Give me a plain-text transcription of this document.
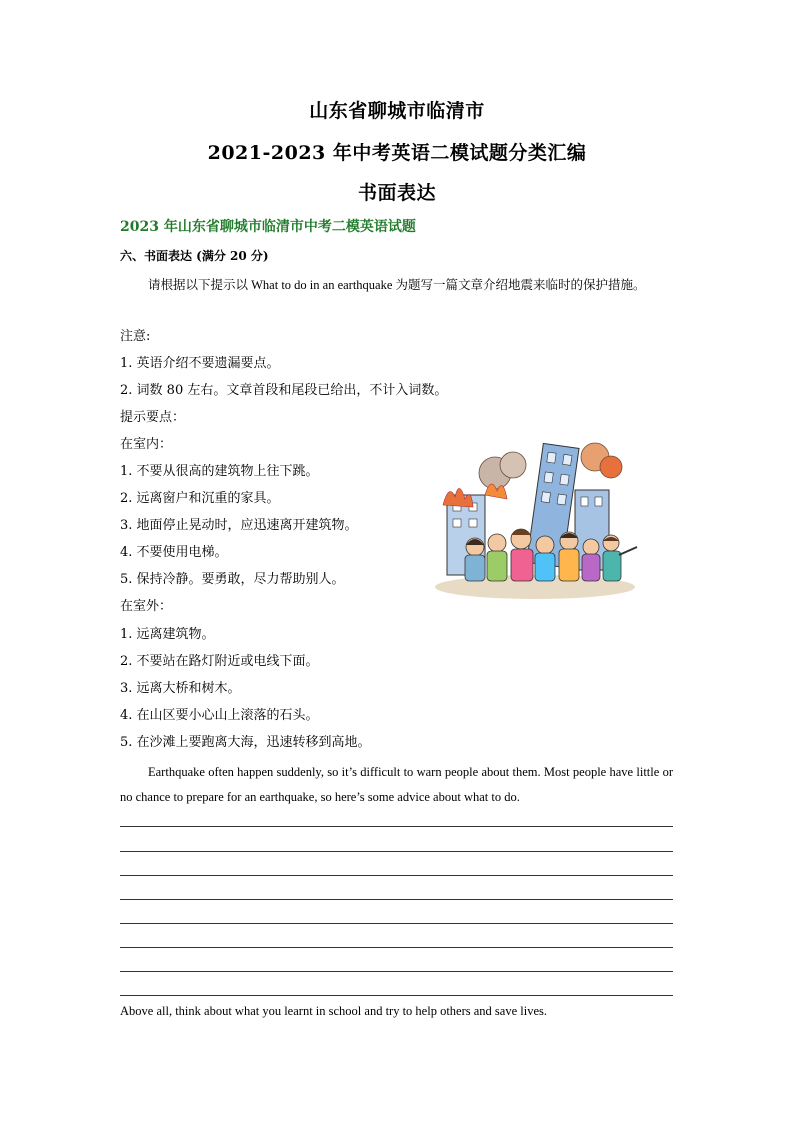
山东省聊城市临清市
2021-2023 年中考英语二模试题分类汇编
书面表达
2023 年山东省聊城市临清市中考二模英语试题
六、书面表达 (满分 20 分)
请根据以下提示以 What to do in an earthquake 为题写一篇文章介绍地震来临时的保护措施。
注意:
1. 英语介绍不要遗漏要点。
2. 词数 80 左右。文章首段和尾段已给出，不计入词数。
提示要点：
在室内：
1. 不要从很高的建筑物上往下跳。
2. 远离窗户和沉重的家具。
3. 地面停止晃动时，应迅速离开建筑物。
4. 不要使用电梯。
5. 保持冷静。要勇敢，尽力帮助别人。
在室外：
1. 远离建筑物。
2. 不要站在路灯附近或电线下面。
3. 远离大桥和树木。
4. 在山区要小心山上滚落的石头。
5. 在沙滩上要跑离大海，迅速转移到高地。
Earthquake often happen suddenly, so it’s difficult to warn people about them. Most people have little or no chance to prepare for an earthquake, so here’s some advice about what to do.
Above all, think about what you learnt in school and try to help others and save lives.
